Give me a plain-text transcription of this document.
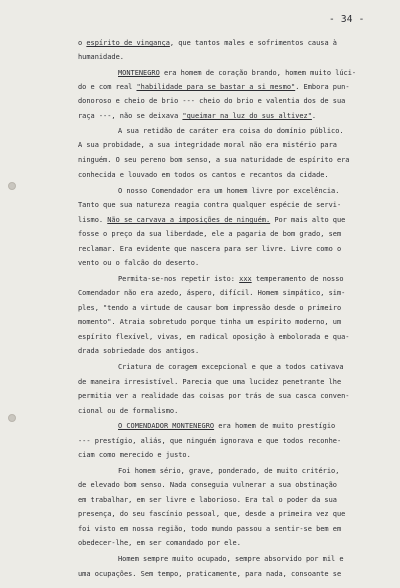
- 34 -
o espírito de vingança, que tantos males e sofrimentos causa à
humanidade.
MONTENEGRO era homem de coração brando, homem muito lúci-
do e com real "habilidade para se bastar a si mesmo". Embora pun-
donoroso e cheio de brio --- cheio do brio e valentia dos de sua
raça ---, não se deixava "queimar na luz do sus altivez".
A sua retidão de caráter era coisa do domínio público.
A sua probidade, a sua integridade moral não era mistério para
ninguém. O seu pereno bom senso, a sua naturidade de espírito era
conhecida e louvado em todos os cantos e recantos da cidade.
O nosso Comendador era um homem livre por excelência.
Tanto que sua natureza reagia contra qualquer espécie de servi-
lismo. Não se carvava a imposições de ninguém. Por mais alto que
fosse o preço da sua liberdade, ele a pagaria de bom grado, sem
reclamar. Era evidente que nascera para ser livre. Livre como o
vento ou o falcão do deserto.
Permita-se-nos repetir isto: xxx temperamento de nosso
Comendador não era azedo, áspero, difícil. Homem simpático, sim-
ples, "tendo a virtude de causar bom impressão desde o primeiro
momento". Atraia sobretudo porque tinha um espírito moderno, um
espírito flexível, vivas, em radical oposição à embolorada e qua-
drada sobriedade dos antigos.
Criatura de coragem excepcional e que a todos cativava
de maneira irresistível. Parecia que uma lucidez penetrante lhe
permitia ver a realidade das coisas por trás de sua casca conven-
cional ou de formalismo.
O COMENDADOR MONTENEGRO era homem de muito prestígio
--- prestígio, aliás, que ninguém ignorava e que todos reconhe-
ciam como merecido e justo.
Foi homem sério, grave, ponderado, de muito critério,
de elevado bom senso. Nada conseguia vulnerar a sua obstinação
em trabalhar, em ser livre e laborioso. Era tal o poder da sua
presença, do seu fascínio pessoal, que, desde a primeira vez que
foi visto em nossa região, todo mundo passou a sentir-se bem em
obedecer-lhe, em ser comandado por ele.
Homem sempre muito ocupado, sempre absorvido por mil e
uma ocupações. Sem tempo, praticamente, para nada, consoante se
